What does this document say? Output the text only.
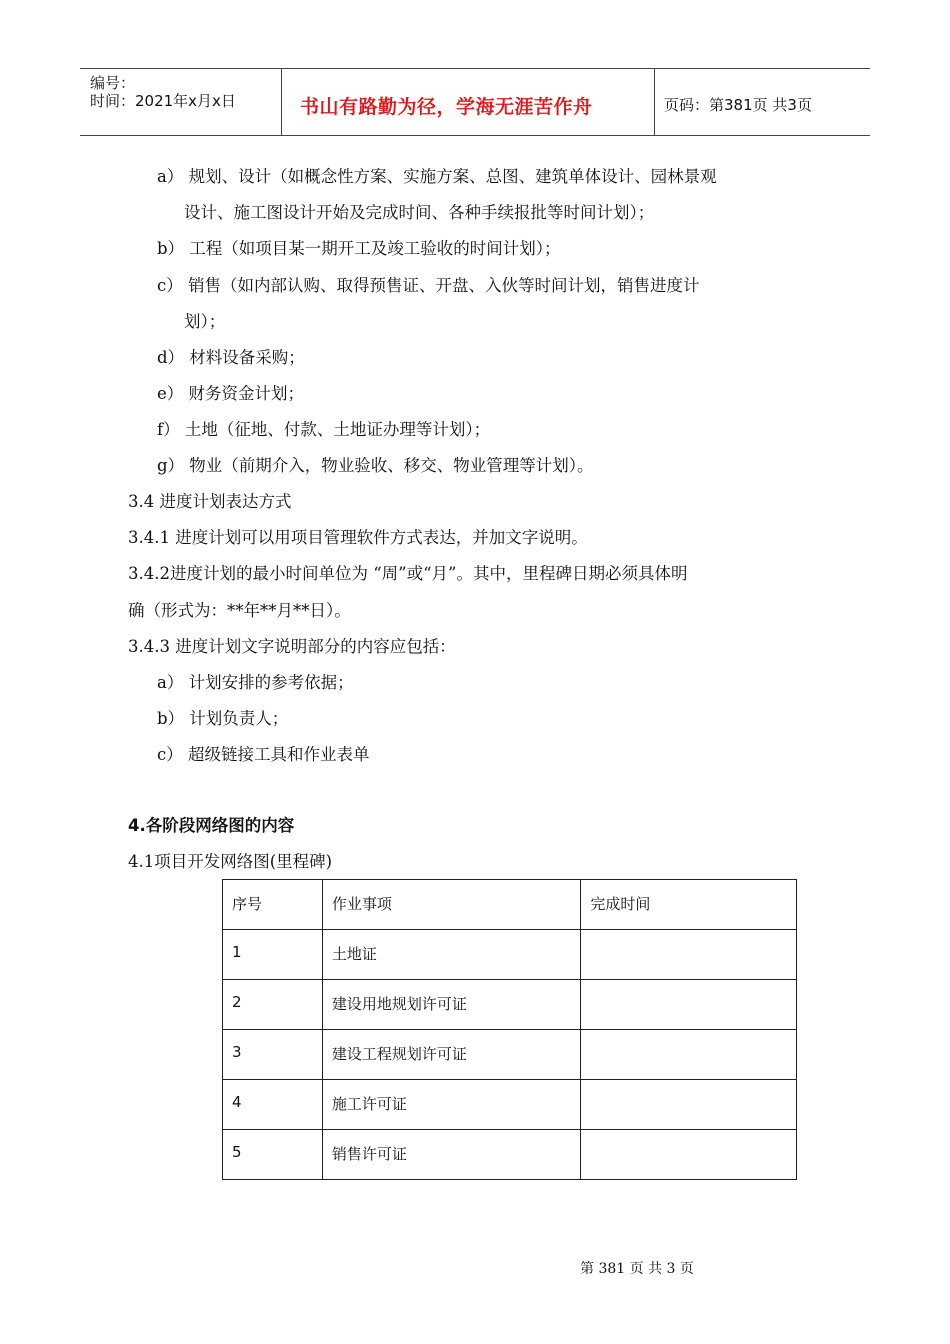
编号：
时间：2021年x月x日	书山有路勤为径，学海无涯苦作舟	页码：第381页 共3页
a） 规划、设计（如概念性方案、实施方案、总图、建筑单体设计、园林景观
设计、施工图设计开始及完成时间、各种手续报批等时间计划）；
b） 工程（如项目某一期开工及竣工验收的时间计划）；
c） 销售（如内部认购、取得预售证、开盘、入伙等时间计划，销售进度计
划）；
d） 材料设备采购；
e） 财务资金计划；
f） 土地（征地、付款、土地证办理等计划）；
g） 物业（前期介入，物业验收、移交、物业管理等计划）。
3.4 进度计划表达方式
3.4.1 进度计划可以用项目管理软件方式表达，并加文字说明。
3.4.2进度计划的最小时间单位为 “周”或“月”。其中，里程碑日期必须具体明
确（形式为：**年**月**日）。
3.4.3 进度计划文字说明部分的内容应包括：
a） 计划安排的参考依据；
b） 计划负责人；
c） 超级链接工具和作业表单
4.各阶段网络图的内容
4.1项目开发网络图(里程碑)
序号	作业事项	完成时间
1	土地证	
2	建设用地规划许可证	
3	建设工程规划许可证	
4	施工许可证	
5	销售许可证	
第 381 页 共 3 页
